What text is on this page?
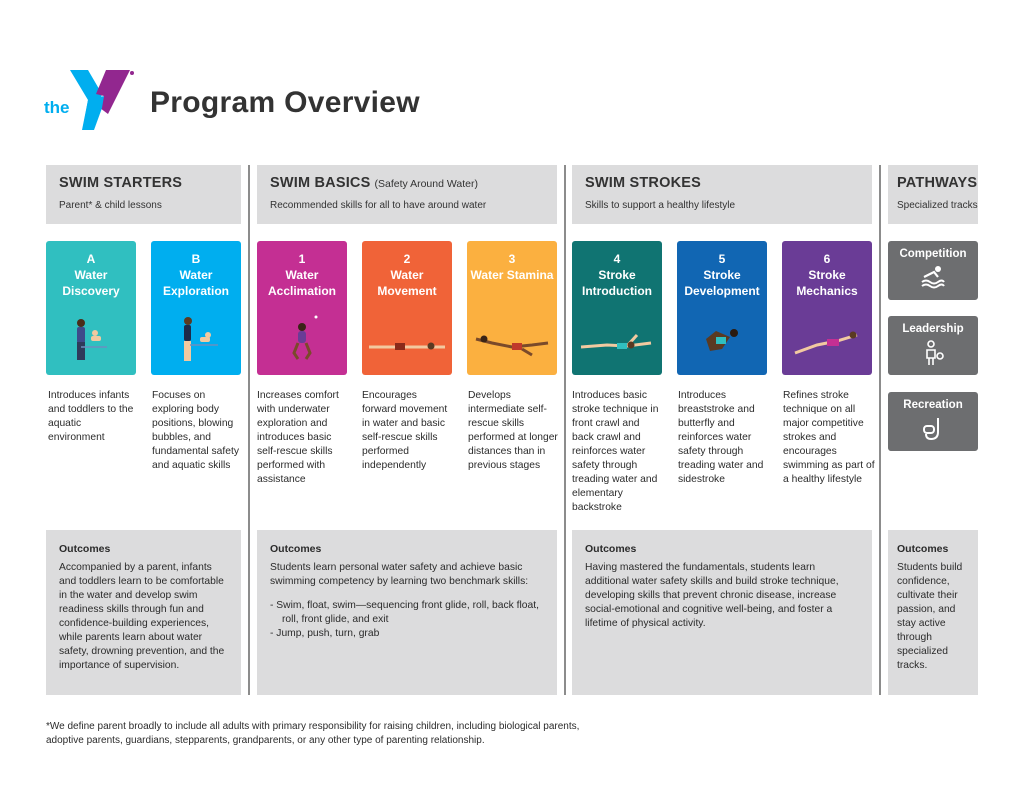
the
YMCA
Program Overview
SWIM STARTERS
Parent* & child lessons
SWIM BASICS (Safety Around Water)
Recommended skills for all to have around water
SWIM STROKES
Skills to support a healthy lifestyle
PATHWAYS
Specialized tracks
A
Water Discovery
B
Water Exploration
1
Water Acclimation
2
Water Movement
3
Water Stamina
4
Stroke Introduction
5
Stroke Development
6
Stroke Mechanics
Introduces infants and toddlers to the aquatic environment
Focuses on exploring body positions, blowing bubbles, and fundamental safety and aquatic skills
Increases comfort with underwater exploration and introduces basic self-rescue skills performed with assistance
Encourages forward movement in water and basic self-rescue skills performed independently
Develops intermediate self-rescue skills performed at longer distances than in previous stages
Introduces basic stroke technique in front crawl and back crawl and reinforces water safety through treading water and elementary backstroke
Introduces breaststroke and butterfly and reinforces water safety through treading water and sidestroke
Refines stroke technique on all major competitive strokes and encourages swimming as part of a healthy lifestyle
Competition
Leadership
Recreation
Outcomes
Accompanied by a parent, infants and toddlers learn to be comfortable in the water and develop swim readiness skills through fun and confidence-building experiences, while parents learn about water safety, drowning prevention, and the importance of supervision.
Outcomes
Students learn personal water safety and achieve basic swimming competency by learning two benchmark skills:
- Swim, float, swim—sequencing front glide, roll, back float, roll, front glide, and exit
- Jump, push, turn, grab
Outcomes
Having mastered the fundamentals, students learn additional water safety skills and build stroke technique, developing skills that prevent chronic disease, increase social-emotional and cognitive well-being, and foster a lifetime of physical activity.
Outcomes
Students build confidence, cultivate their passion, and stay active through specialized tracks.
*We define parent broadly to include all adults with primary responsibility for raising children, including biological parents, adoptive parents, guardians, stepparents, grandparents, or any other type of parenting relationship.
